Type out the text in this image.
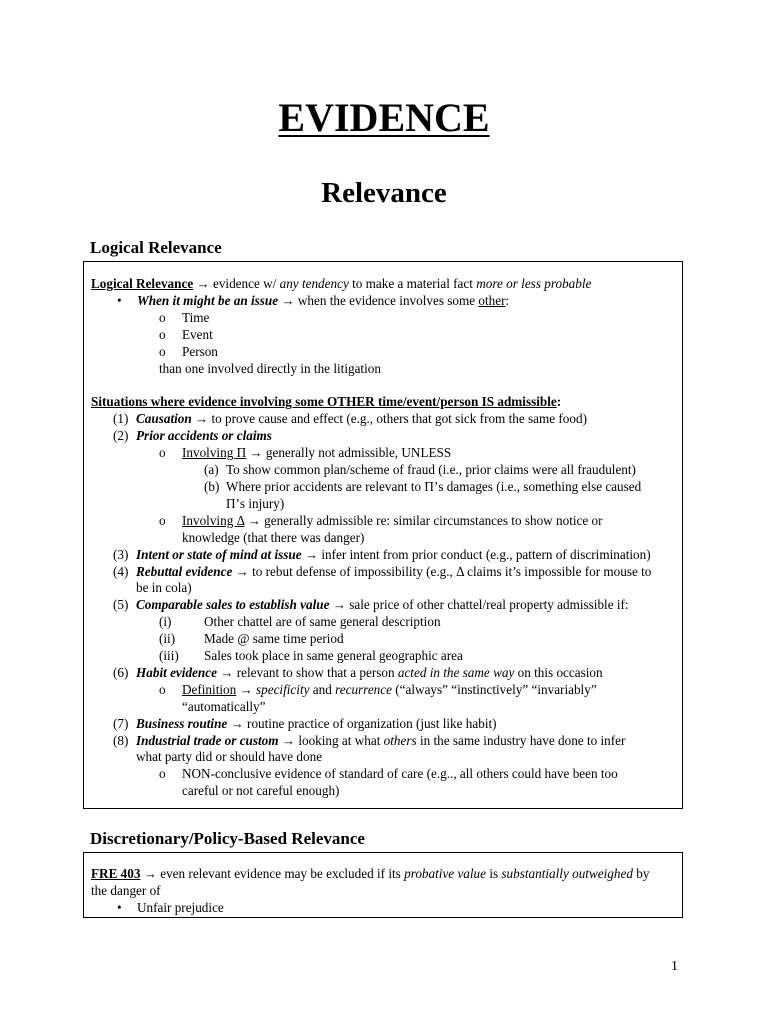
EVIDENCE
Relevance
Logical Relevance
Logical Relevance → evidence w/ any tendency to make a material fact more or less probable
• When it might be an issue → when the evidence involves some other:
o Time
o Event
o Person
than one involved directly in the litigation
Situations where evidence involving some OTHER time/event/person IS admissible:
(1) Causation → to prove cause and effect (e.g., others that got sick from the same food)
(2) Prior accidents or claims
o Involving Π → generally not admissible, UNLESS
(a) To show common plan/scheme of fraud (i.e., prior claims were all fraudulent)
(b) Where prior accidents are relevant to Π’s damages (i.e., something else caused
Π’s injury)
o Involving Δ → generally admissible re: similar circumstances to show notice or
knowledge (that there was danger)
(3) Intent or state of mind at issue → infer intent from prior conduct (e.g., pattern of discrimination)
(4) Rebuttal evidence → to rebut defense of impossibility (e.g., Δ claims it’s impossible for mouse to
be in cola)
(5) Comparable sales to establish value → sale price of other chattel/real property admissible if:
(i) Other chattel are of same general description
(ii) Made @ same time period
(iii) Sales took place in same general geographic area
(6) Habit evidence → relevant to show that a person acted in the same way on this occasion
o Definition → specificity and recurrence (“always” “instinctively” “invariably”
“automatically”
(7) Business routine → routine practice of organization (just like habit)
(8) Industrial trade or custom → looking at what others in the same industry have done to infer
what party did or should have done
o NON-conclusive evidence of standard of care (e.g.., all others could have been too
careful or not careful enough)
Discretionary/Policy-Based Relevance
FRE 403 → even relevant evidence may be excluded if its probative value is substantially outweighed by
the danger of
• Unfair prejudice
1
